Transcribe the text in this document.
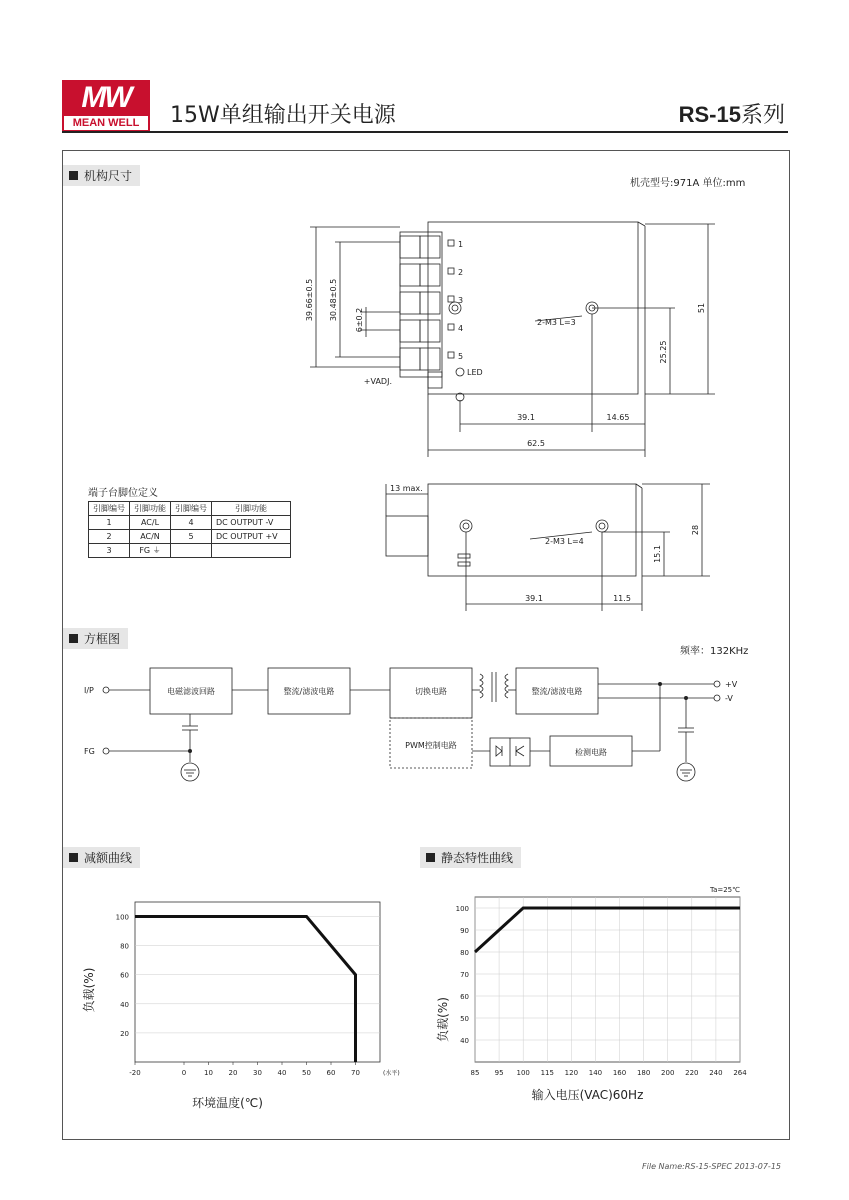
MW
MEAN WELL	15W单组输出开关电源	RS-15系列
机构尺寸
机壳型号:971A 单位:mm
1
2
3
4
5
LED
+VADJ.
2-M3 L=3
39.66±0.5 30.48±0.5 6±0.2	51
25.25
39.1	14.65
62.5
端子台脚位定义
引脚编号	引脚功能	引脚编号	引脚功能
1	AC/L	4	DC OUTPUT -V
2	AC/N	5	DC OUTPUT +V
3	FG ⏚		
13 max.
2-M3 L=4
28
15.1
39.1	11.5
方框图
频率：132KHz
I/P
FG
电磁滤波回路	整流/滤波电路	切换电路
PWM控制电路
整流/滤波电路
检测电路
+V
-V
减额曲线	静态特性曲线
-20	0	10 20 30 40 50 60 70
100
80
60
40
20
(水平)
环境温度(℃)
负载(%)
85 95 100 115 120 140 160 180 200 220 240 264
100
90
80
70
60
50
40
Ta=25℃
输入电压(VAC)60Hz
负载(%)
File Name:RS-15-SPEC 2013-07-15
